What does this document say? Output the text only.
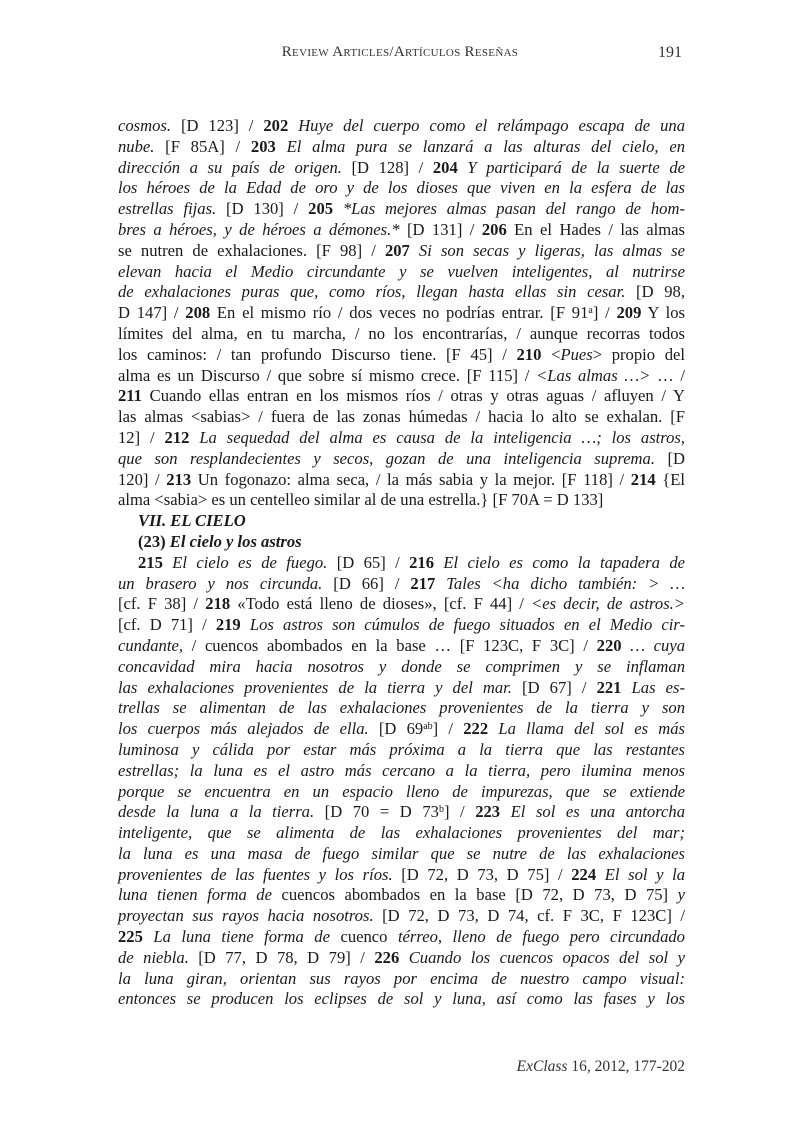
Review Articles/Artículos Reseñas	191
cosmos. [D 123] / 202 Huye del cuerpo como el relámpago escapa de una
nube. [F 85A] / 203 El alma pura se lanzará a las alturas del cielo, en
dirección a su país de origen. [D 128] / 204 Y participará de la suerte de
los héroes de la Edad de oro y de los dioses que viven en la esfera de las
estrellas fijas. [D 130] / 205 *Las mejores almas pasan del rango de hom-
bres a héroes, y de héroes a démones.* [D 131] / 206 En el Hades / las almas
se nutren de exhalaciones. [F 98] / 207 Si son secas y ligeras, las almas se
elevan hacia el Medio circundante y se vuelven inteligentes, al nutrirse
de exhalaciones puras que, como ríos, llegan hasta ellas sin cesar. [D 98,
D 147] / 208 En el mismo río / dos veces no podrías entrar. [F 91$^a$] / 209 Y los
límites del alma, en tu marcha, / no los encontrarías, / aunque recorras todos
los caminos: / tan profundo Discurso tiene. [F 45] / 210 <Pues> propio del
alma es un Discurso / que sobre sí mismo crece. [F 115] / <Las almas …> … /
211 Cuando ellas entran en los mismos ríos / otras y otras aguas / afluyen / Y
las almas <sabias> / fuera de las zonas húmedas / hacia lo alto se exhalan. [F
12] / 212 La sequedad del alma es causa de la inteligencia …; los astros,
que son resplandecientes y secos, gozan de una inteligencia suprema. [D
120] / 213 Un fogonazo: alma seca, / la más sabia y la mejor. [F 118] / 214 {El
alma <sabia> es un centelleo similar al de una estrella.} [F 70A = D 133]
VII. EL CIELO
(23) El cielo y los astros
215 El cielo es de fuego. [D 65] / 216 El cielo es como la tapadera de
un brasero y nos circunda. [D 66] / 217 Tales <ha dicho también: > …
[cf. F 38] / 218 «Todo está lleno de dioses», [cf. F 44] / <es decir, de astros.>
[cf. D 71] / 219 Los astros son cúmulos de fuego situados en el Medio cir-
cundante, / cuencos abombados en la base … [F 123C, F 3C] / 220 … cuya
concavidad mira hacia nosotros y donde se comprimen y se inflaman
las exhalaciones provenientes de la tierra y del mar. [D 67] / 221 Las es-
trellas se alimentan de las exhalaciones provenientes de la tierra y son
los cuerpos más alejados de ella. [D $69^{ab}] / 222$ La llama del sol es más
luminosa y cálida por estar más próxima a la tierra que las restantes
estrellas; la luna es el astro más cercano a la tierra, pero ilumina menos
porque se encuentra en un espacio lleno de impurezas, que se extiende
desde la luna a la tierra. [D 70 = D 73$^b$] / 223 El sol es una antorcha
inteligente, que se alimenta de las exhalaciones provenientes del mar;
la luna es una masa de fuego similar que se nutre de las exhalaciones
provenientes de las fuentes y los ríos. [D 72, D 73, D 75] / 224 El sol y la
luna tienen forma de cuencos abombados en la base [D 72, D 73, D 75] y
proyectan sus rayos hacia nosotros. [D 72, D 73, D 74, cf. F 3C, F 123C] /
225 La luna tiene forma de cuenco térreo, lleno de fuego pero circundado
de niebla. [D 77, D 78, D 79] / 226 Cuando los cuencos opacos del sol y
la luna giran, orientan sus rayos por encima de nuestro campo visual:
entonces se producen los eclipses de sol y luna, así como las fases y los
ExClass 16, 2012, 177-202
